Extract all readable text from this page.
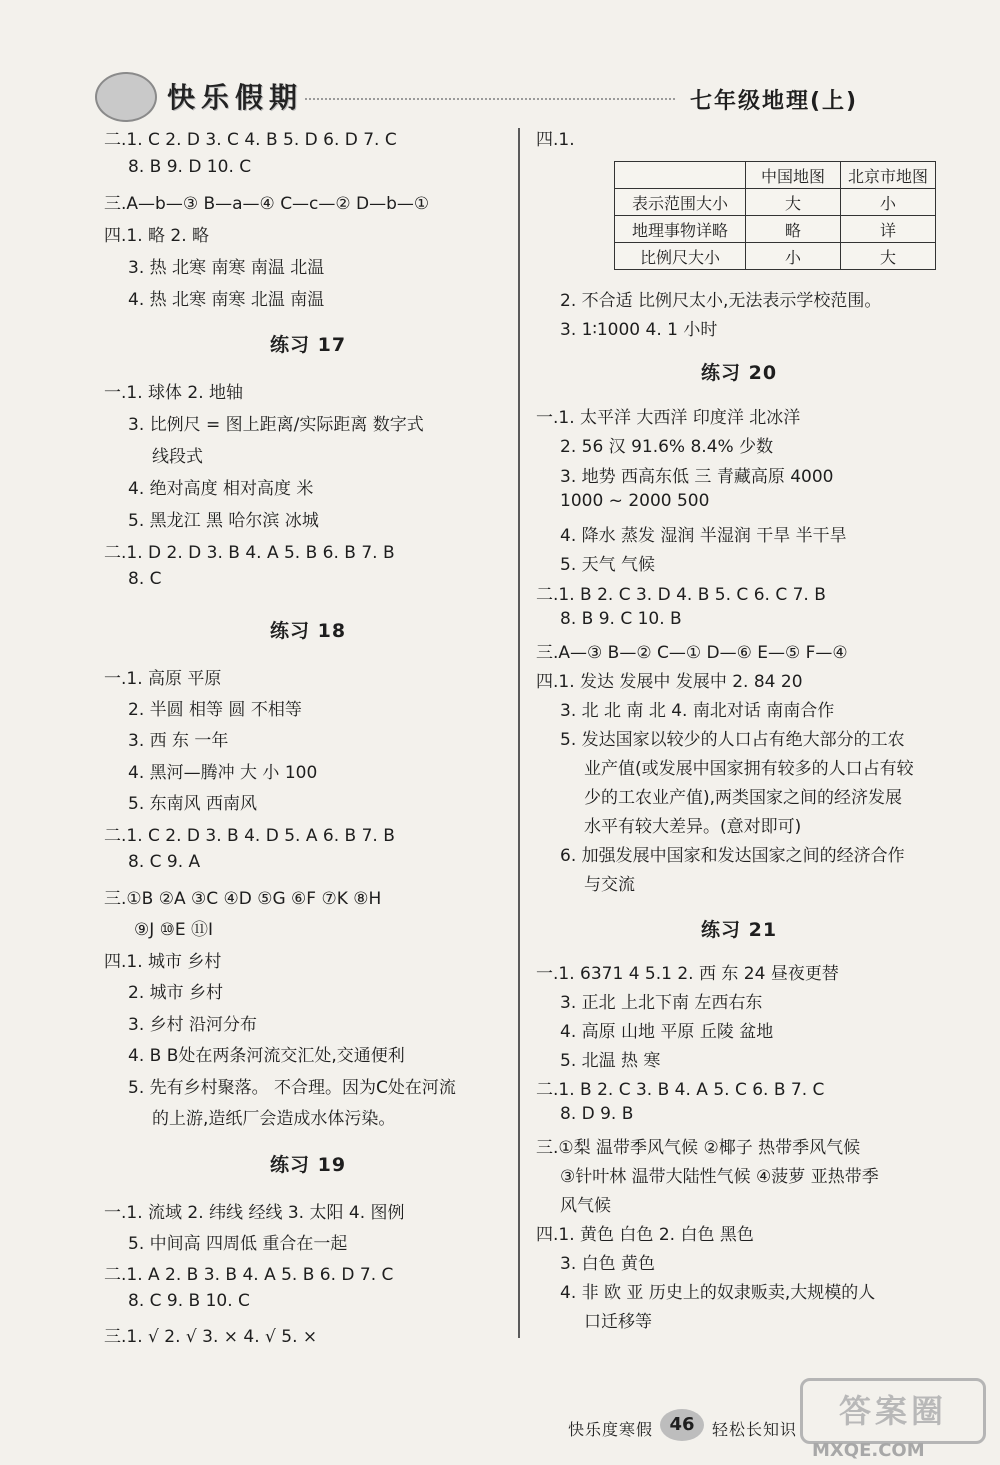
快乐假期	七年级地理(上)
二.1. C 2. D 3. C 4. B 5. D 6. D 7. C
8. B 9. D 10. C
三.A—b—③ B—a—④ C—c—② D—b—①
四.1. 略 2. 略
3. 热 北寒 南寒 南温 北温
4. 热 北寒 南寒 北温 南温
练习 17
一.1. 球体 2. 地轴
3. 比例尺 = 图上距离/实际距离 数字式
线段式
4. 绝对高度 相对高度 米
5. 黑龙江 黑 哈尔滨 冰城
二.1. D 2. D 3. B 4. A 5. B 6. B 7. B
8. C
练习 18
一.1. 高原 平原
2. 半圆 相等 圆 不相等
3. 西 东 一年
4. 黑河—腾冲 大 小 100
5. 东南风 西南风
二.1. C 2. D 3. B 4. D 5. A 6. B 7. B
8. C 9. A
三.①B ②A ③C ④D ⑤G ⑥F ⑦K ⑧H
⑨J ⑩E ⑪I
四.1. 城市 乡村
2. 城市 乡村
3. 乡村 沿河分布
4. B B处在两条河流交汇处,交通便利
5. 先有乡村聚落。 不合理。因为C处在河流
的上游,造纸厂会造成水体污染。
练习 19
一.1. 流域 2. 纬线 经线 3. 太阳 4. 图例
5. 中间高 四周低 重合在一起
二.1. A 2. B 3. B 4. A 5. B 6. D 7. C
8. C 9. B 10. C
三.1. √ 2. √ 3. × 4. √ 5. ×
四.1.
	中国地图	北京市地图
表示范围大小	大	小
地理事物详略	略	详
比例尺大小	小	大
2. 不合适 比例尺太小,无法表示学校范围。
3. 1∶1000 4. 1 小时
练习 20
一.1. 太平洋 大西洋 印度洋 北冰洋
2. 56 汉 91.6% 8.4% 少数
3. 地势 西高东低 三 青藏高原 4000
1000 ~ 2000 500
4. 降水 蒸发 湿润 半湿润 干旱 半干旱
5. 天气 气候
二.1. B 2. C 3. D 4. B 5. C 6. C 7. B
8. B 9. C 10. B
三.A—③ B—② C—① D—⑥ E—⑤ F—④
四.1. 发达 发展中 发展中 2. 84 20
3. 北 北 南 北 4. 南北对话 南南合作
5. 发达国家以较少的人口占有绝大部分的工农
业产值(或发展中国家拥有较多的人口占有较
少的工农业产值),两类国家之间的经济发展
水平有较大差异。(意对即可)
6. 加强发展中国家和发达国家之间的经济合作
与交流
练习 21
一.1. 6371 4 5.1 2. 西 东 24 昼夜更替
3. 正北 上北下南 左西右东
4. 高原 山地 平原 丘陵 盆地
5. 北温 热 寒
二.1. B 2. C 3. B 4. A 5. C 6. B 7. C
8. D 9. B
三.①梨 温带季风气候 ②椰子 热带季风气候
③针叶林 温带大陆性气候 ④菠萝 亚热带季
风气候
四.1. 黄色 白色 2. 白色 黑色
3. 白色 黄色
4. 非 欧 亚 历史上的奴隶贩卖,大规模的人
口迁移等
快乐度寒假 46	轻松长知识	答案圈
MXQE.COM
